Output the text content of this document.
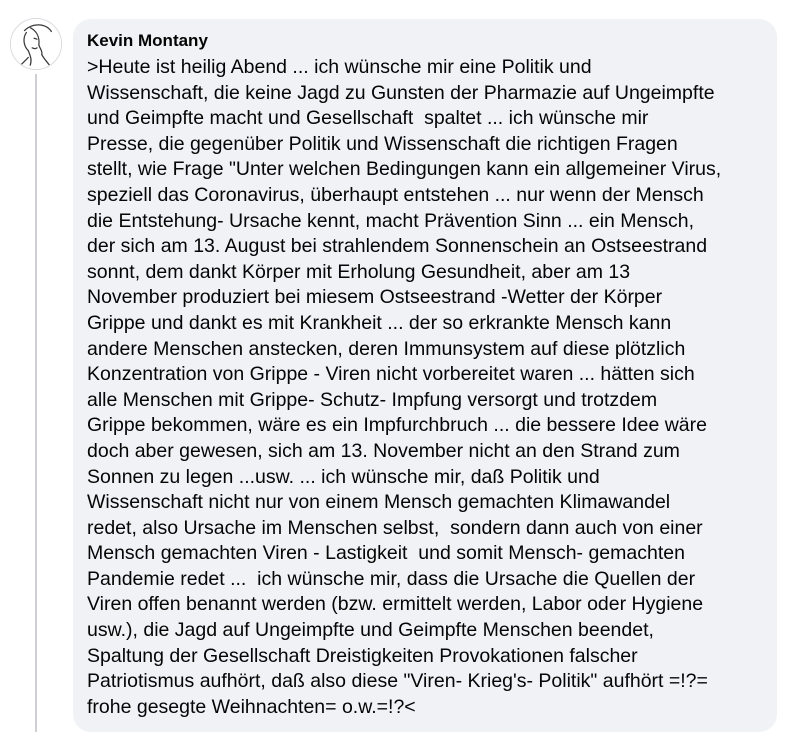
Kevin Montany
>Heute ist heilig Abend ... ich wünsche mir eine Politik und
Wissenschaft, die keine Jagd zu Gunsten der Pharmazie auf Ungeimpfte
und Geimpfte macht und Gesellschaft  spaltet ... ich wünsche mir
Presse, die gegenüber Politik und Wissenschaft die richtigen Fragen
stellt, wie Frage "Unter welchen Bedingungen kann ein allgemeiner Virus,
speziell das Coronavirus, überhaupt entstehen ... nur wenn der Mensch
die Entstehung- Ursache kennt, macht Prävention Sinn ... ein Mensch,
der sich am 13. August bei strahlendem Sonnenschein an Ostseestrand
sonnt, dem dankt Körper mit Erholung Gesundheit, aber am 13
November produziert bei miesem Ostseestrand -Wetter der Körper
Grippe und dankt es mit Krankheit ... der so erkrankte Mensch kann
andere Menschen anstecken, deren Immunsystem auf diese plötzlich
Konzentration von Grippe - Viren nicht vorbereitet waren ... hätten sich
alle Menschen mit Grippe- Schutz- Impfung versorgt und trotzdem
Grippe bekommen, wäre es ein Impfurchbruch ... die bessere Idee wäre
doch aber gewesen, sich am 13. November nicht an den Strand zum
Sonnen zu legen ...usw. ... ich wünsche mir, daß Politik und
Wissenschaft nicht nur von einem Mensch gemachten Klimawandel
redet, also Ursache im Menschen selbst,  sondern dann auch von einer
Mensch gemachten Viren - Lastigkeit  und somit Mensch- gemachten
Pandemie redet ...  ich wünsche mir, dass die Ursache die Quellen der
Viren offen benannt werden (bzw. ermittelt werden, Labor oder Hygiene
usw.), die Jagd auf Ungeimpfte und Geimpfte Menschen beendet,
Spaltung der Gesellschaft Dreistigkeiten Provokationen falscher
Patriotismus aufhört, daß also diese "Viren- Krieg's- Politik" aufhört =!?=
frohe gesegte Weihnachten= o.w.=!?<
